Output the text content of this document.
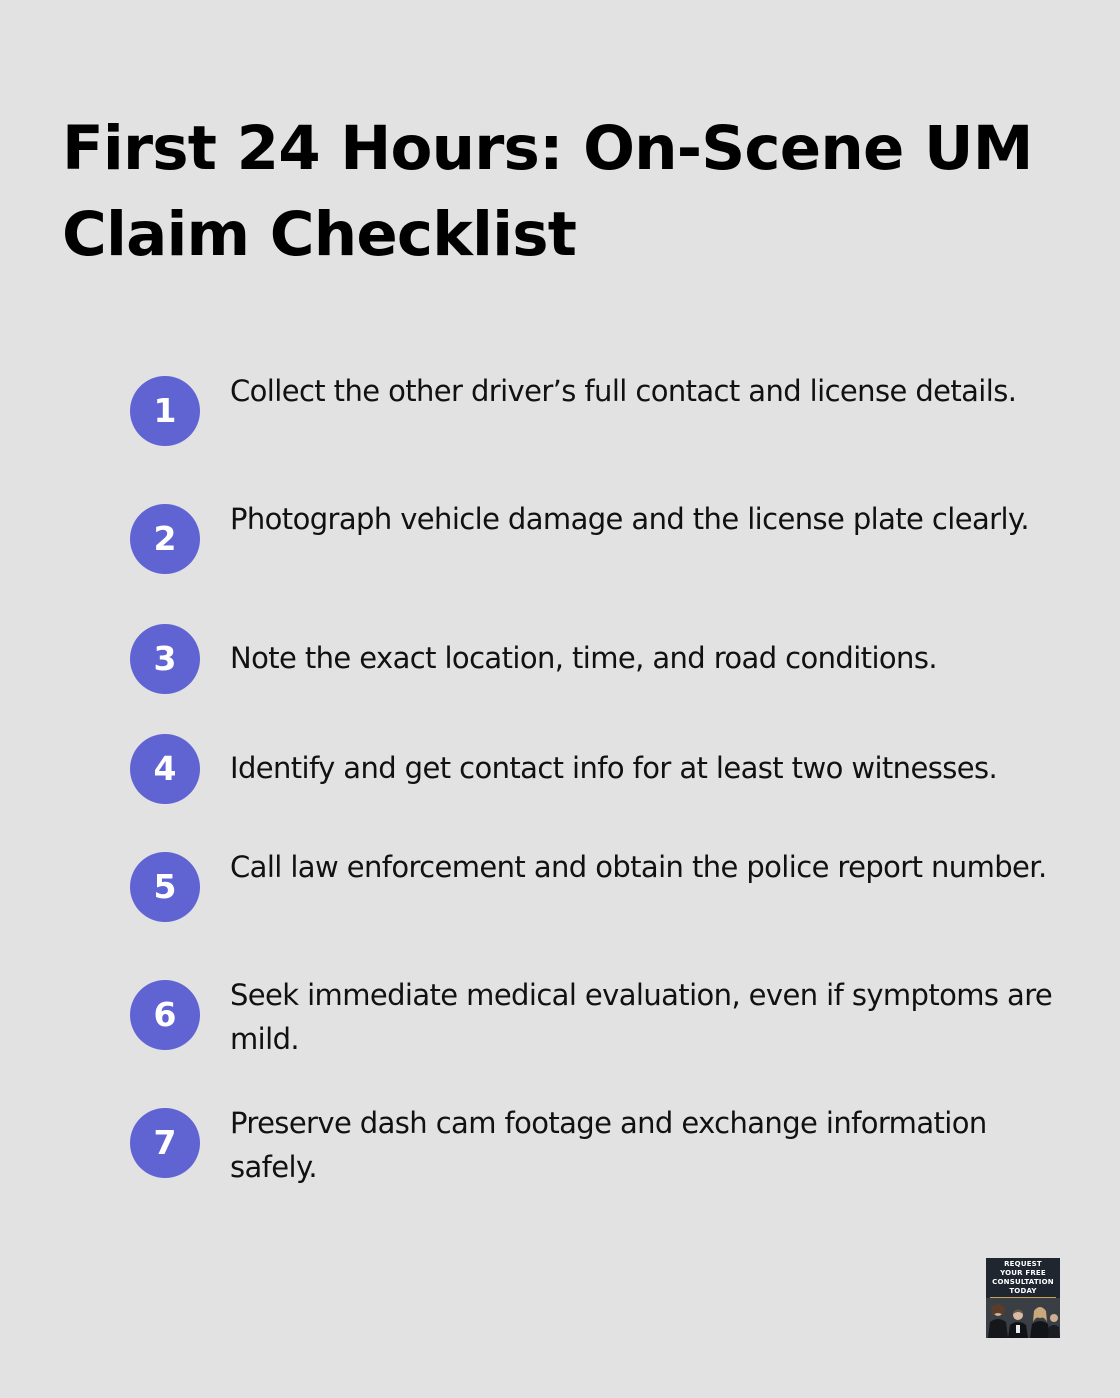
First 24 Hours: On-Scene UM Claim Checklist
1	Collect the other driver’s full contact and license details.
2	Photograph vehicle damage and the license plate clearly.
3	Note the exact location, time, and road conditions.
4	Identify and get contact info for at least two witnesses.
5	Call law enforcement and obtain the police report number.
6	Seek immediate medical evaluation, even if symptoms are mild.
7	Preserve dash cam footage and exchange information safely.
REQUEST
YOUR FREE
CONSULTATION
TODAY
